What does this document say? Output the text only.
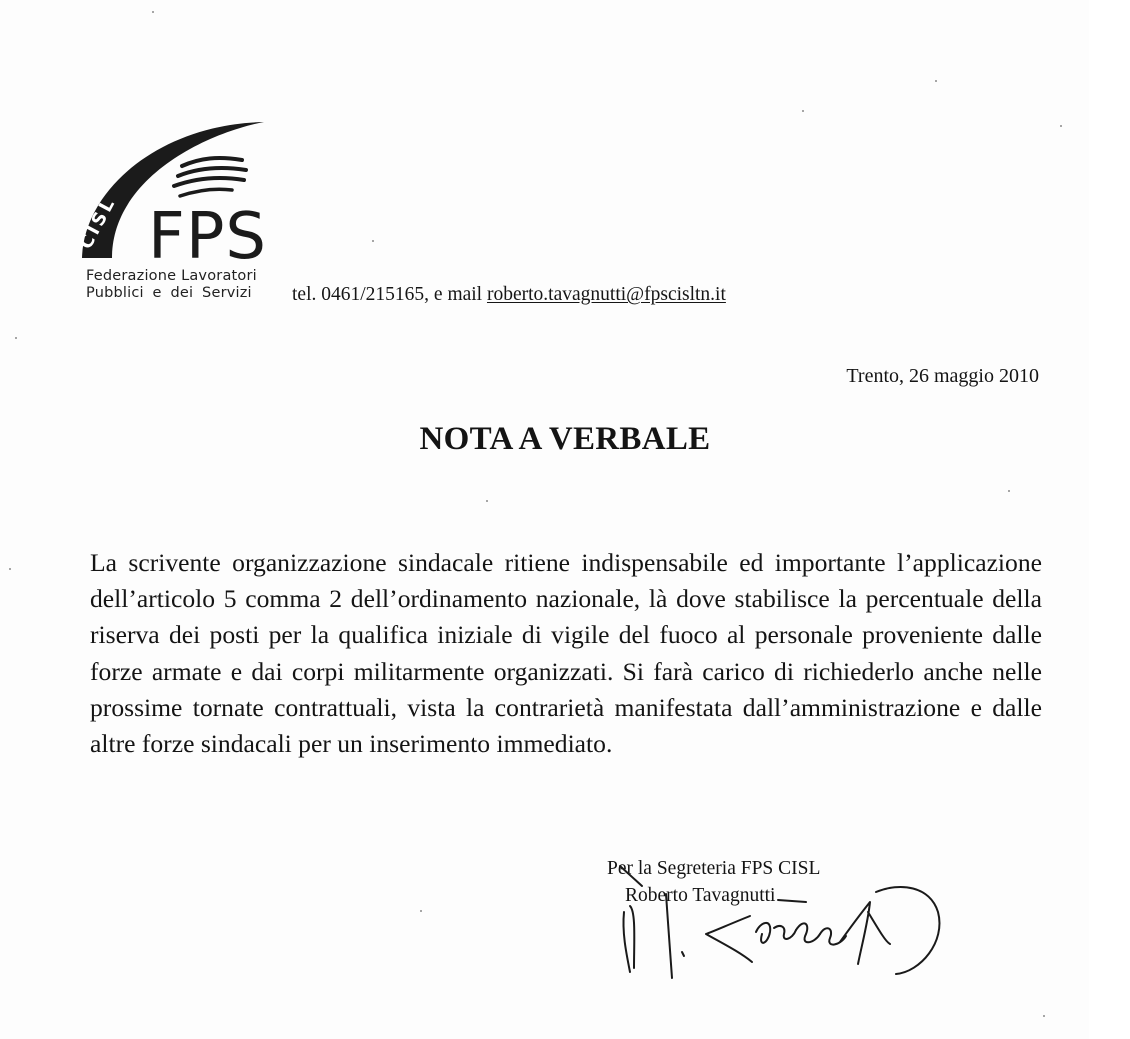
CISL FPS
Federazione Lavoratori
Pubblici e dei Servizi tel. 0461/215165, e mail roberto.tavagnutti@fpscisltn.it
Trento, 26 maggio 2010
NOTA A VERBALE
La scrivente organizzazione sindacale ritiene indispensabile ed importante l’applicazione dell’articolo 5 comma 2 dell’ordinamento nazionale, là dove stabilisce la percentuale della riserva dei posti per la qualifica iniziale di vigile del fuoco al personale proveniente dalle forze armate e dai corpi militarmente organizzati. Si farà carico di richiederlo anche nelle prossime tornate contrattuali, vista la contrarietà manifestata dall’amministrazione e dalle altre forze sindacali per un inserimento immediato.
Per la Segreteria FPS CISL
Roberto Tavagnutti
